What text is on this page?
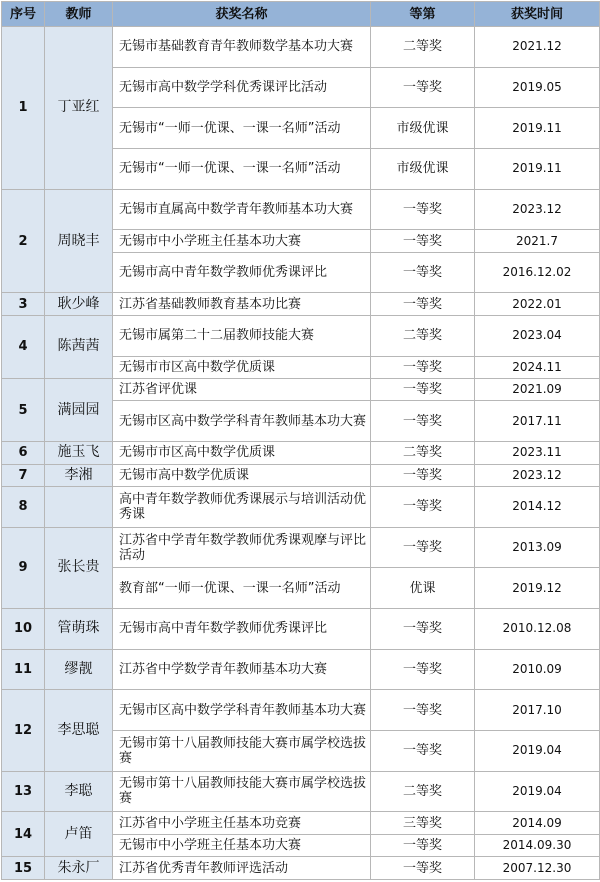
序号	教师	获奖名称	等第	获奖时间
1	丁亚红	无锡市基础教育青年教师数学基本功大赛	二等奖	2021.12
		无锡市高中数学学科优秀课评比活动	一等奖	2019.05
		无锡市“一师一优课、一课一名师”活动	市级优课	2019.11
		无锡市“一师一优课、一课一名师”活动	市级优课	2019.11
2	周晓丰	无锡市直属高中数学青年教师基本功大赛	一等奖	2023.12
		无锡市中小学班主任基本功大赛	一等奖	2021.7
		无锡市高中青年数学教师优秀课评比	一等奖	2016.12.02
3	耿少峰	江苏省基础教师教育基本功比赛	一等奖	2022.01
4	陈茜茜	无锡市属第二十二届教师技能大赛	二等奖	2023.04
		无锡市市区高中数学优质课	一等奖	2024.11
5	满园园	江苏省评优课	一等奖	2021.09
		无锡市区高中数学学科青年教师基本功大赛	一等奖	2017.11
6	施玉飞	无锡市市区高中数学优质课	二等奖	2023.11
7	李湘	无锡市高中数学优质课	一等奖	2023.12
8		高中青年数学教师优秀课展示与培训活动优秀课	一等奖	2014.12
9	张长贵	江苏省中学青年数学教师优秀课观摩与评比活动	一等奖	2013.09
		教育部“一师一优课、一课一名师”活动	优课	2019.12
10	管萌珠	无锡市高中青年数学教师优秀课评比	一等奖	2010.12.08
11	缪靓	江苏省中学数学青年教师基本功大赛	一等奖	2010.09
12	李思聪	无锡市区高中数学学科青年教师基本功大赛	一等奖	2017.10
		无锡市第十八届教师技能大赛市属学校选拔赛	一等奖	2019.04
13	李聪	无锡市第十八届教师技能大赛市属学校选拔赛	二等奖	2019.04
14	卢笛	江苏省中小学班主任基本功竞赛	三等奖	2014.09
		无锡市中小学班主任基本功大赛	一等奖	2014.09.30
15	朱永厂	江苏省优秀青年教师评选活动	一等奖	2007.12.30
